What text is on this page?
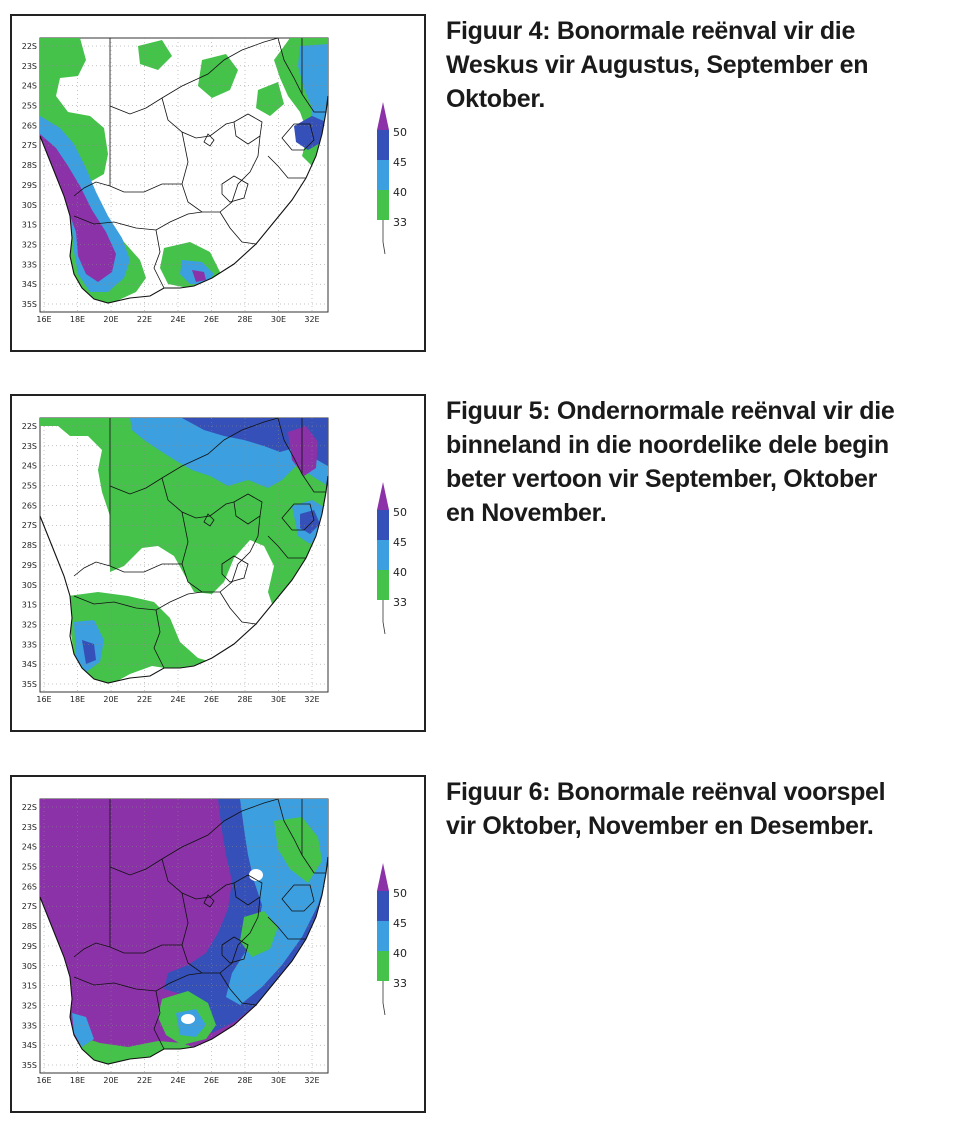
22S
23S
24S
25S
26S
27S
28S
29S
30S
31S
32S
33S
34S
35S
16E 18E 20E 22E 24E 26E 28E 30E 32E
50
45
40
33
Figuur 4: Bonormale reënval vir die
Weskus vir Augustus, September en
Oktober.
22S
23S
24S
25S
26S
27S
28S
29S
30S
31S
32S
33S
34S
35S
16E 18E 20E 22E 24E 26E 28E 30E 32E
50
45
40
33
Figuur 5: Ondernormale reënval vir die
binneland in die noordelike dele begin
beter vertoon vir September, Oktober
en November.
22S
23S
24S
25S
26S
27S
28S
29S
30S
31S
32S
33S
34S
35S
16E 18E 20E 22E 24E 26E 28E 30E 32E
50
45
40
33
Figuur 6: Bonormale reënval voorspel
vir Oktober, November en Desember.
